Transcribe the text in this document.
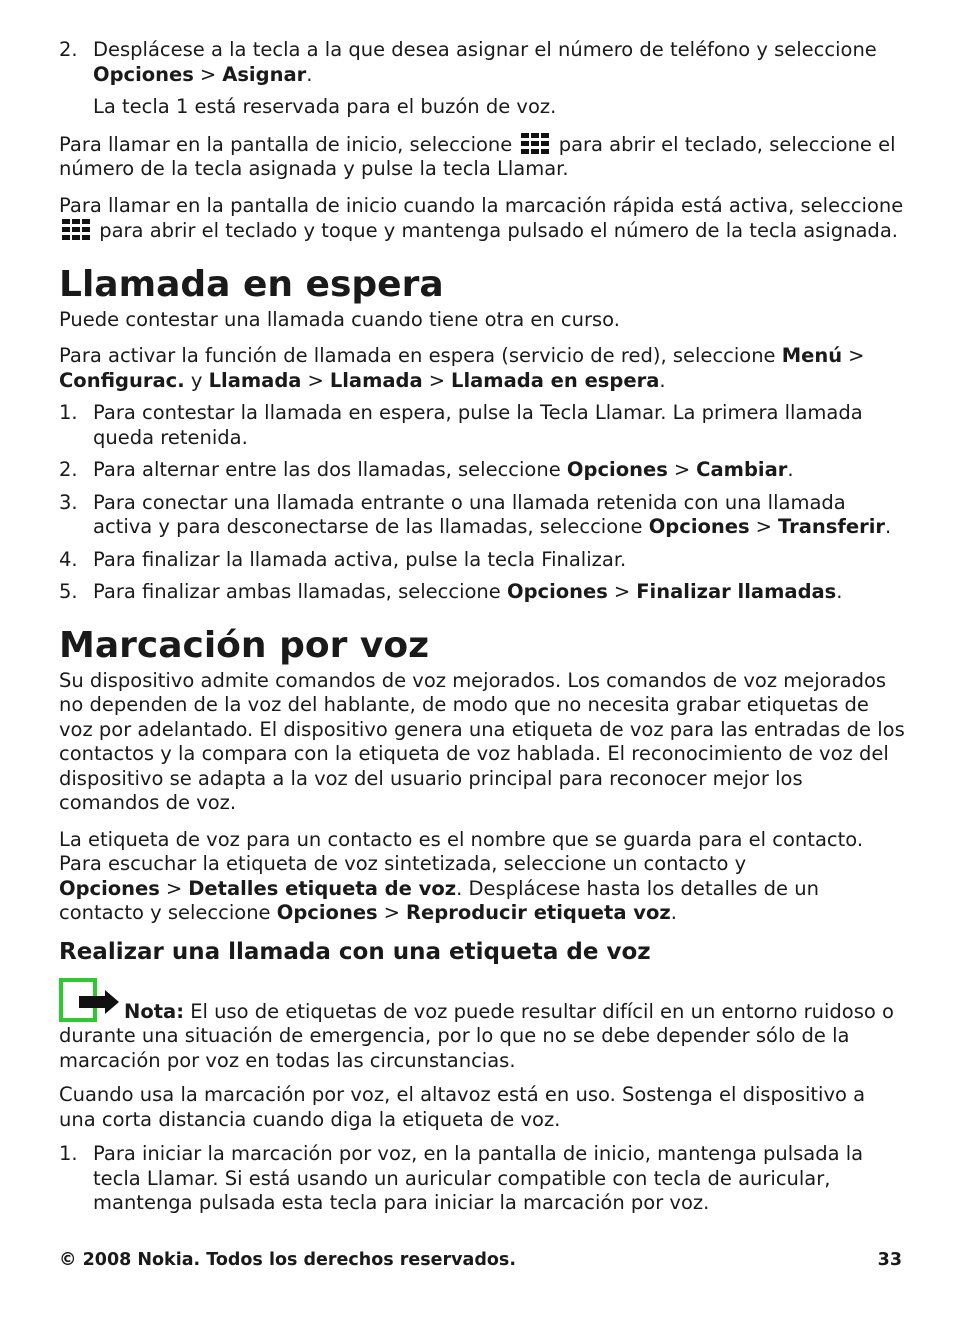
2. Desplácese a la tecla a la que desea asignar el número de teléfono y seleccione
Opciones > Asignar.

La tecla 1 está reservada para el buzón de voz.

Para llamar en la pantalla de inicio, seleccione para abrir el teclado, seleccione el número de la tecla asignada y pulse la tecla Llamar.

Para llamar en la pantalla de inicio cuando la marcación rápida está activa, seleccione  para abrir el teclado y toque y mantenga pulsado el número de la tecla asignada.

Llamada en espera

Puede contestar una llamada cuando tiene otra en curso.

Para activar la función de llamada en espera (servicio de red), seleccione Menú >
Configurac. y Llamada > Llamada > Llamada en espera.

1. Para contestar la llamada en espera, pulse la Tecla Llamar. La primera llamada queda retenida.
2. Para alternar entre las dos llamadas, seleccione Opciones > Cambiar.
3. Para conectar una llamada entrante o una llamada retenida con una llamada activa y para desconectarse de las llamadas, seleccione Opciones > Transferir.
4. Para finalizar la llamada activa, pulse la tecla Finalizar.
5. Para finalizar ambas llamadas, seleccione Opciones > Finalizar llamadas.
Marcación por voz

Su dispositivo admite comandos de voz mejorados. Los comandos de voz mejorados no dependen de la voz del hablante, de modo que no necesita grabar etiquetas de voz por adelantado. El dispositivo genera una etiqueta de voz para las entradas de los contactos y la compara con la etiqueta de voz hablada. El reconocimiento de voz del dispositivo se adapta a la voz del usuario principal para reconocer mejor los comandos de voz.

La etiqueta de voz para un contacto es el nombre que se guarda para el contacto. Para escuchar la etiqueta de voz sintetizada, seleccione un contacto y Opciones > Detalles etiqueta de voz. Desplácese hasta los detalles de un contacto y seleccione Opciones > Reproducir etiqueta voz.

Realizar una llamada con una etiqueta de voz

Nota: El uso de etiquetas de voz puede resultar difícil en un entorno ruidoso o durante una situación de emergencia, por lo que no se debe depender sólo de la marcación por voz en todas las circunstancias.

Cuando usa la marcación por voz, el altavoz está en uso. Sostenga el dispositivo a una corta distancia cuando diga la etiqueta de voz.

1. Para iniciar la marcación por voz, en la pantalla de inicio, mantenga pulsada la tecla Llamar. Si está usando un auricular compatible con tecla de auricular, mantenga pulsada esta tecla para iniciar la marcación por voz.
© 2008 Nokia. Todos los derechos reservados.	33
